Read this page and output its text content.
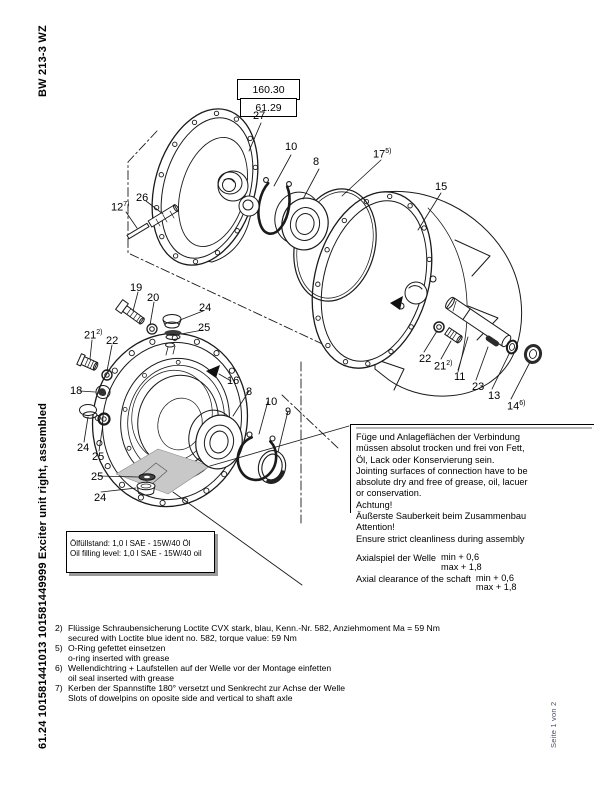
BW 213-3 WZ
61.24 101581441013 101581449999 Exciter unit right, assembled	Seite 1 von 2
160.30
61.29
27
10
8
17$^{5)}$
15
26
12$^{7)}$
19
20
24
25
21$^{2)}$
22
18
24
25
25
24
16
8
10
9
22
21$^{2)}$
11
23
13
14$^{6)}$

Füge und Anlageflächen der Verbindung

müssen absolut trocken und frei von Fett,

Öl, Lack oder Konservierung sein.

Jointing surfaces of connection have to be

absolute dry and free of grease, oil, lacuer

or conservation.

Achtung!

Äußerste Sauberkeit beim Zusammenbau

Attention!

Ensure strict cleanliness during assembly

Axialspiel der Welle min + 0,6
max + 1,8
Axial clearance of the schaft min + 0,6
max + 1,8
Ölfüllstand: 1,0 l SAE - 15W/40 Öl
Oil filling level: 1,0 l SAE - 15W/40 oil
2) Flüssige Schraubensicherung Loctite CVX stark, blau, Kenn.-Nr. 582, Anziehmoment Ma = 59 Nm
secured with Loctite blue ident no. 582, torque value: 59 Nm
5) O-Ring gefettet einsetzen
o-ring inserted with grease
6) Wellendichtring + Laufstellen auf der Welle vor der Montage einfetten
oil seal inserted with grease
7) Kerben der Spannstifte 180° versetzt und Senkrecht zur Achse der Welle
Slots of dowelpins on oposite side and vertical to shaft axle
